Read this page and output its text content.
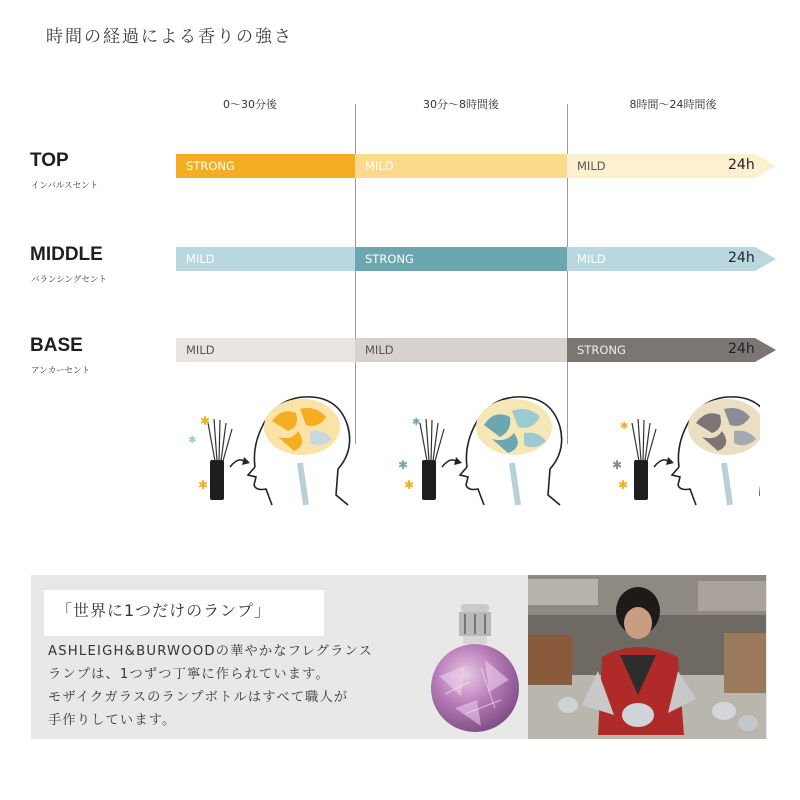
時間の経過による香りの強さ
0〜30分後	30分〜8時間後	8時間〜24時間後
TOP
インバルスセント
STRONG	MILD	MILD	24h
MIDDLE
バランシングセント
MILD	STRONG	MILD	24h
BASE
アンカーセント
MILD	MILD	STRONG	24h
✱
✱
✱
✱
✱
✱
✱
✱
✱
「世界に1つだけのランプ」
ASHLEIGH&BURWOODの華やかなフレグランス
ランプは、1つずつ丁寧に作られています。
モザイクガラスのランプボトルはすべて職人が
手作りしています。
